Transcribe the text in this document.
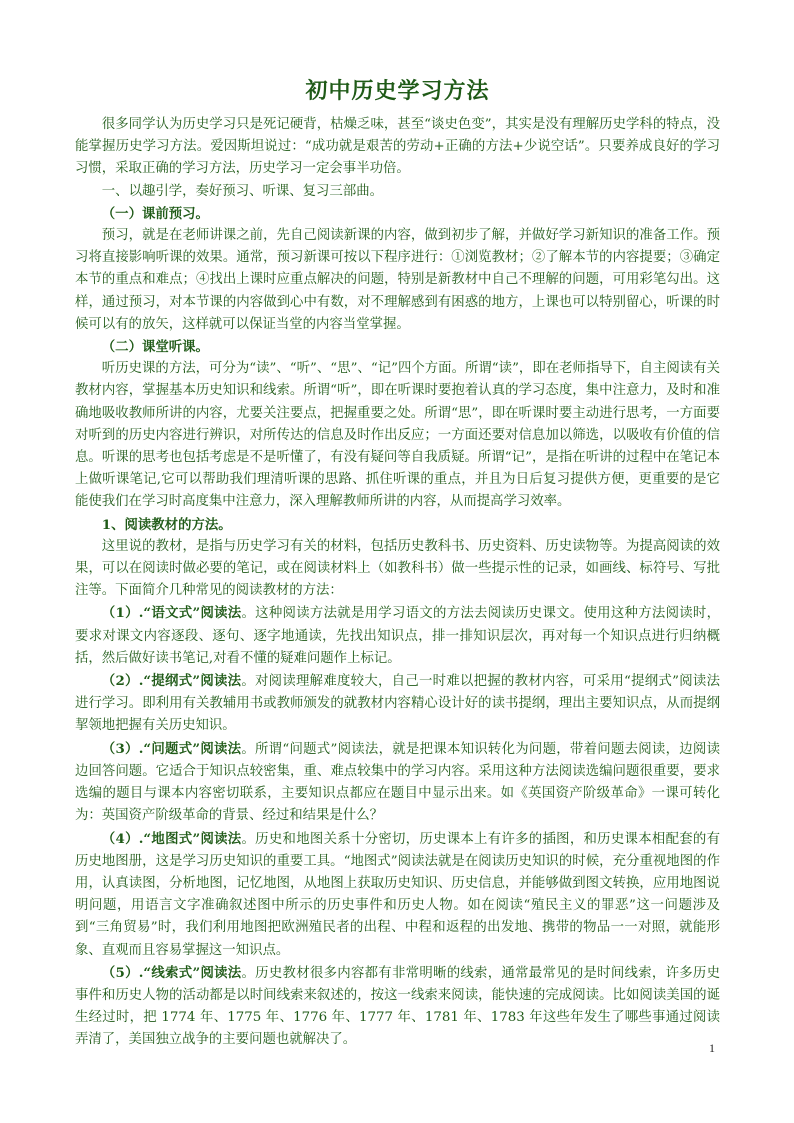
初中历史学习方法

很多同学认为历史学习只是死记硬背，枯燥乏味，甚至“谈史色变”，其实是没有理解历史学科的特点，没能掌握历史学习方法。爱因斯坦说过：“成功就是艰苦的劳动+正确的方法+少说空话”。只要养成良好的学习习惯，采取正确的学习方法，历史学习一定会事半功倍。

一、以趣引学，奏好预习、听课、复习三部曲。

（一）课前预习。

预习，就是在老师讲课之前，先自己阅读新课的内容，做到初步了解，并做好学习新知识的准备工作。预习将直接影响听课的效果。通常，预习新课可按以下程序进行：①浏览教材；②了解本节的内容提要；③确定本节的重点和难点；④找出上课时应重点解决的问题，特别是新教材中自己不理解的问题，可用彩笔勾出。这样，通过预习，对本节课的内容做到心中有数，对不理解感到有困惑的地方，上课也可以特别留心，听课的时候可以有的放矢，这样就可以保证当堂的内容当堂掌握。

（二）课堂听课。

听历史课的方法，可分为“读”、“听”、“思”、“记”四个方面。所谓“读”，即在老师指导下，自主阅读有关教材内容，掌握基本历史知识和线索。所谓“听”，即在听课时要抱着认真的学习态度，集中注意力，及时和准确地吸收教师所讲的内容，尤要关注要点，把握重要之处。所谓“思”，即在听课时要主动进行思考，一方面要对听到的历史内容进行辨识，对所传达的信息及时作出反应；一方面还要对信息加以筛选，以吸收有价值的信息。听课的思考也包括考虑是不是听懂了，有没有疑问等自我质疑。所谓“记”，是指在听讲的过程中在笔记本上做听课笔记,它可以帮助我们理清听课的思路、抓住听课的重点，并且为日后复习提供方便，更重要的是它能使我们在学习时高度集中注意力，深入理解教师所讲的内容，从而提高学习效率。

1、阅读教材的方法。

这里说的教材，是指与历史学习有关的材料，包括历史教科书、历史资料、历史读物等。为提高阅读的效果，可以在阅读时做必要的笔记，或在阅读材料上（如教科书）做一些提示性的记录，如画线、标符号、写批注等。下面简介几种常见的阅读教材的方法：

（1）.“语文式”阅读法。这种阅读方法就是用学习语文的方法去阅读历史课文。使用这种方法阅读时，要求对课文内容逐段、逐句、逐字地通读，先找出知识点，排一排知识层次，再对每一个知识点进行归纳概括，然后做好读书笔记,对看不懂的疑难问题作上标记。

（2）.“提纲式”阅读法。对阅读理解难度较大，自己一时难以把握的教材内容，可采用“提纲式”阅读法进行学习。即利用有关教辅用书或教师颁发的就教材内容精心设计好的读书提纲，理出主要知识点，从而提纲挈领地把握有关历史知识。

（3）.“问题式”阅读法。所谓“问题式”阅读法，就是把课本知识转化为问题，带着问题去阅读，边阅读边回答问题。它适合于知识点较密集，重、难点较集中的学习内容。采用这种方法阅读选编问题很重要，要求选编的题目与课本内容密切联系，主要知识点都应在题目中显示出来。如《英国资产阶级革命》一课可转化为：英国资产阶级革命的背景、经过和结果是什么？

（4）.“地图式”阅读法。历史和地图关系十分密切，历史课本上有许多的插图，和历史课本相配套的有历史地图册，这是学习历史知识的重要工具。“地图式”阅读法就是在阅读历史知识的时候，充分重视地图的作用，认真读图，分析地图，记忆地图，从地图上获取历史知识、历史信息，并能够做到图文转换，应用地图说明问题，用语言文字准确叙述图中所示的历史事件和历史人物。如在阅读“殖民主义的罪恶”这一问题涉及到“三角贸易”时，我们利用地图把欧洲殖民者的出程、中程和返程的出发地、携带的物品一一对照，就能形象、直观而且容易掌握这一知识点。

（5）.“线索式”阅读法。历史教材很多内容都有非常明晰的线索，通常最常见的是时间线索，许多历史事件和历史人物的活动都是以时间线索来叙述的，按这一线索来阅读，能快速的完成阅读。比如阅读美国的诞生经过时，把 1774 年、1775 年、1776 年、1777 年、1781 年、1783 年这些年发生了哪些事通过阅读弄清了，美国独立战争的主要问题也就解决了。

1
